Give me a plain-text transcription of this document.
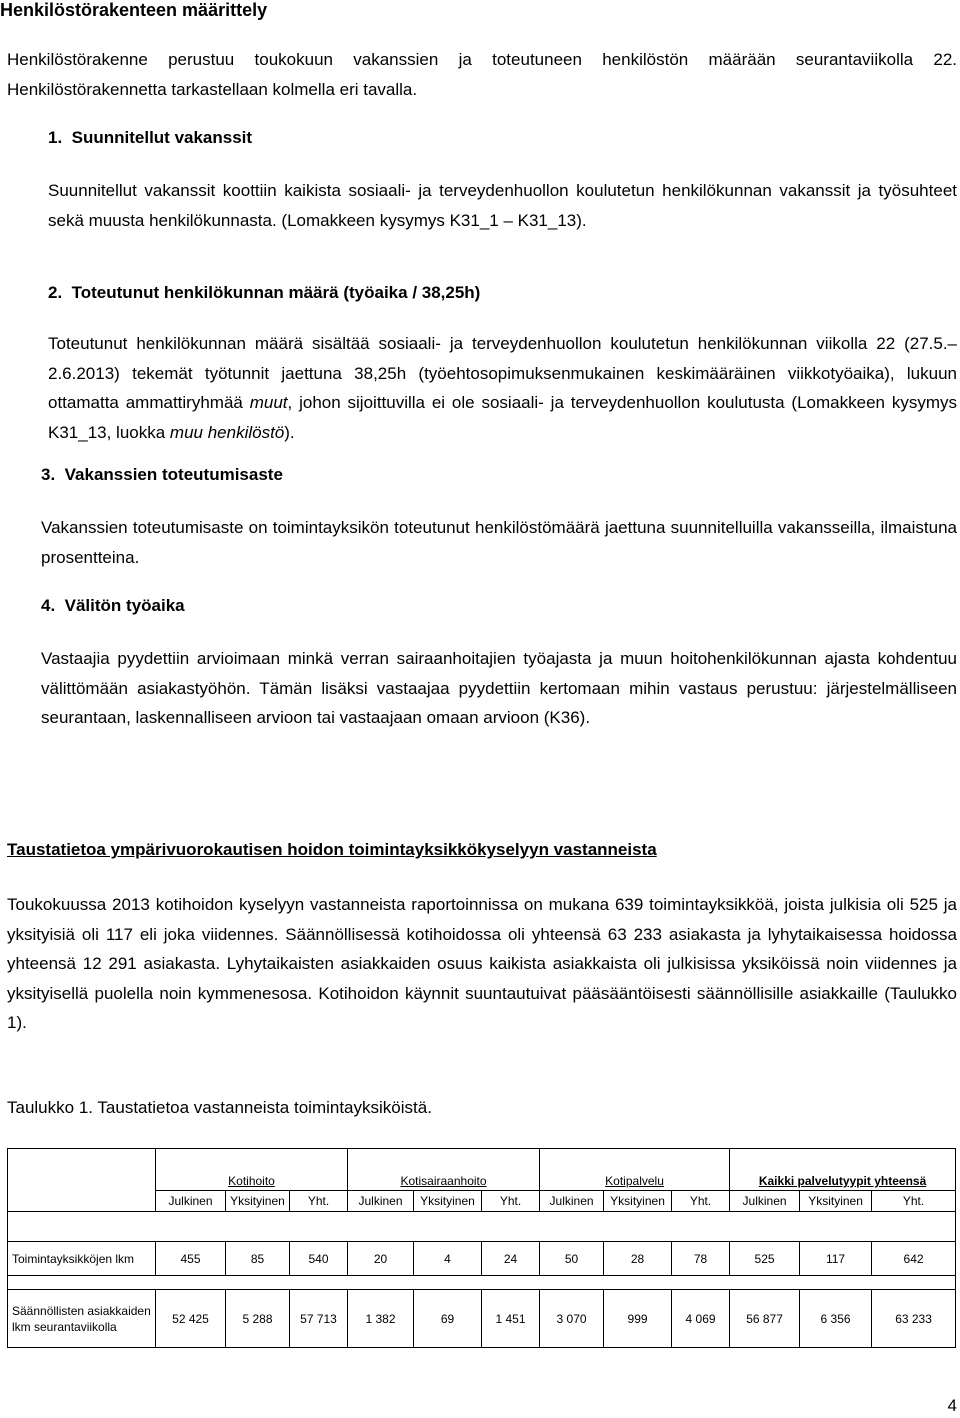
Henkilöstörakenteen määrittely
Henkilöstörakenne perustuu toukokuun vakanssien ja toteutuneen henkilöstön määrään seurantaviikolla 22. Henkilöstörakennetta tarkastellaan kolmella eri tavalla.
1. Suunnitellut vakanssit
Suunnitellut vakanssit koottiin kaikista sosiaali- ja terveydenhuollon koulutetun henkilökunnan vakanssit ja työsuhteet sekä muusta henkilökunnasta. (Lomakkeen kysymys K31_1 – K31_13).
2. Toteutunut henkilökunnan määrä (työaika / 38,25h)
Toteutunut henkilökunnan määrä sisältää sosiaali- ja terveydenhuollon koulutetun henkilökunnan viikolla 22 (27.5.–2.6.2013) tekemät työtunnit jaettuna 38,25h (työehtosopimuksenmukainen keskimääräinen viikkotyöaika), lukuun ottamatta ammattiryhmää muut, johon sijoittuvilla ei ole sosiaali- ja terveydenhuollon koulutusta (Lomakkeen kysymys K31_13, luokka muu henkilöstö).
3. Vakanssien toteutumisaste
Vakanssien toteutumisaste on toimintayksikön toteutunut henkilöstömäärä jaettuna suunnitelluilla vakansseilla, ilmaistuna prosentteina.
4. Välitön työaika
Vastaajia pyydettiin arvioimaan minkä verran sairaanhoitajien työajasta ja muun hoitohenkilökunnan ajasta kohdentuu välittömään asiakastyöhön. Tämän lisäksi vastaajaa pyydettiin kertomaan mihin vastaus perustuu: järjestelmälliseen seurantaan, laskennalliseen arvioon tai vastaajaan omaan arvioon (K36).
Taustatietoa ympärivuorokautisen hoidon toimintayksikkökyselyyn vastanneista
Toukokuussa 2013 kotihoidon kyselyyn vastanneista raportoinnissa on mukana 639 toimintayksikköä, joista julkisia oli 525 ja yksityisiä oli 117 eli joka viidennes. Säännöllisessä kotihoidossa oli yhteensä 63 233 asiakasta ja lyhytaikaisessa hoidossa yhteensä 12 291 asiakasta. Lyhytaikaisten asiakkaiden osuus kaikista asiakkaista oli julkisissa yksiköissä noin viidennes ja yksityisellä puolella noin kymmenesosa. Kotihoidon käynnit suuntautuivat pääsääntöisesti säännöllisille asiakkaille (Taulukko 1).
Taulukko 1. Taustatietoa vastanneista toimintayksiköistä.
	Kotihoito			Kotisairaanhoito			Kotipalvelu			Kaikki palvelutyypit yhteensä		
	Julkinen	Yksityinen	Yht.	Julkinen	Yksityinen	Yht.	Julkinen	Yksityinen	Yht.	Julkinen	Yksityinen	Yht.

Toimintayksikköjen lkm	455	85	540	20	4	24	50	28	78	525	117	642

Säännöllisten asiakkaiden lkm seurantaviikolla	52 425	5 288	57 713	1 382	69	1 451	3 070	999	4 069	56 877	6 356	63 233
4
